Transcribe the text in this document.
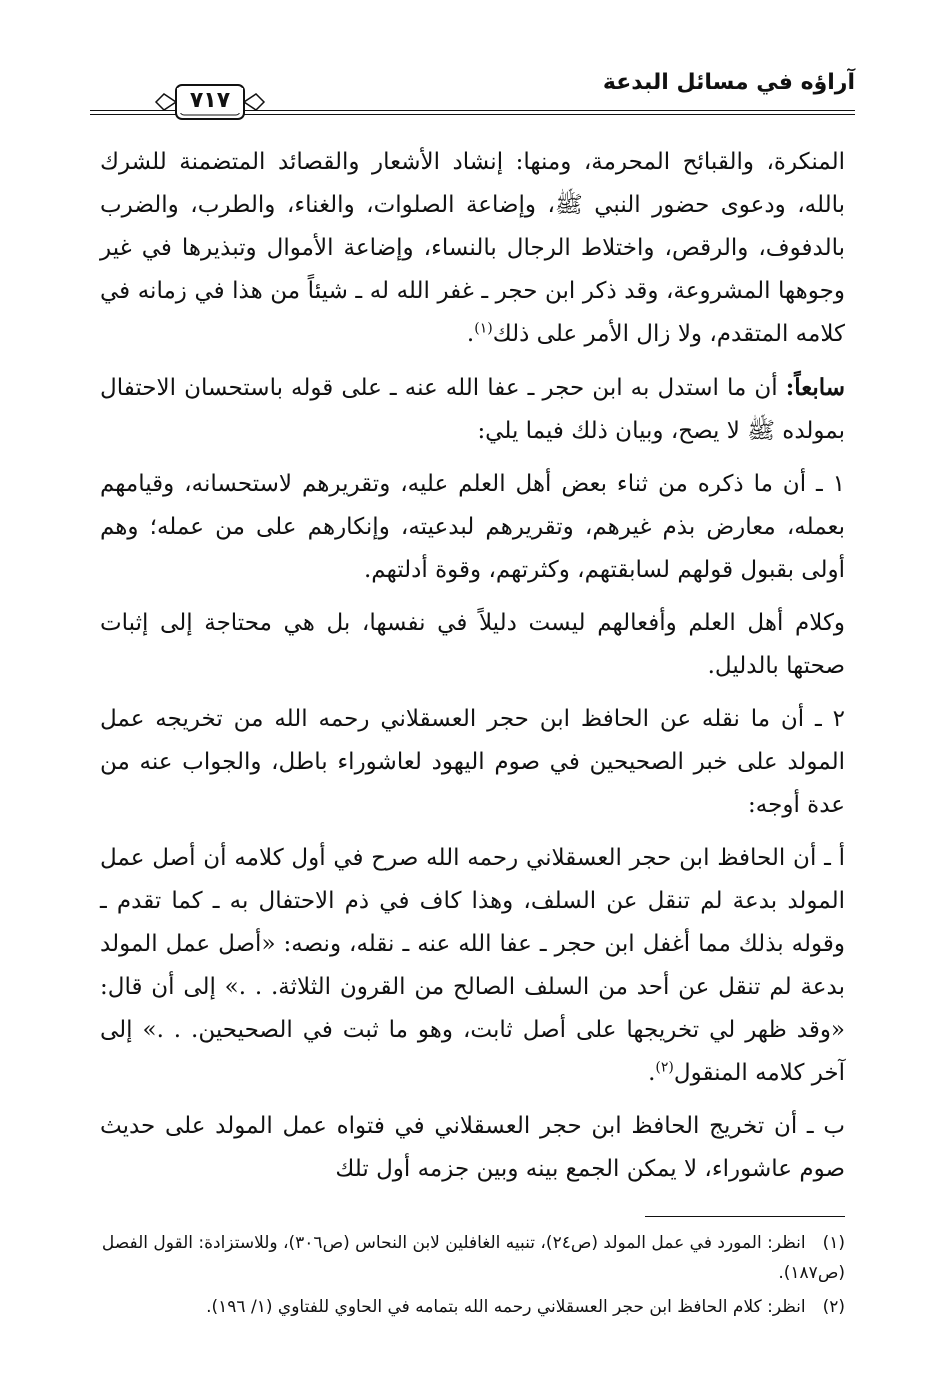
آراؤه في مسائل البدعة
٧١٧

المنكرة، والقبائح المحرمة، ومنها: إنشاد الأشعار والقصائد المتضمنة للشرك بالله، ودعوى حضور النبي ﷺ، وإضاعة الصلوات، والغناء، والطرب، والضرب بالدفوف، والرقص، واختلاط الرجال بالنساء، وإضاعة الأموال وتبذيرها في غير وجوهها المشروعة، وقد ذكر ابن حجر ـ غفر الله له ـ شيئاً من هذا في زمانه في كلامه المتقدم، ولا زال الأمر على ذلك$^{(١)}$.

سابعاً: أن ما استدل به ابن حجر ـ عفا الله عنه ـ على قوله باستحسان الاحتفال بمولده ﷺ لا يصح، وبيان ذلك فيما يلي:

١ ـ أن ما ذكره من ثناء بعض أهل العلم عليه، وتقريرهم لاستحسانه، وقيامهم بعمله، معارض بذم غيرهم، وتقريرهم لبدعيته، وإنكارهم على من عمله؛ وهم أولى بقبول قولهم لسابقتهم، وكثرتهم، وقوة أدلتهم.

وكلام أهل العلم وأفعالهم ليست دليلاً في نفسها، بل هي محتاجة إلى إثبات صحتها بالدليل.

٢ ـ أن ما نقله عن الحافظ ابن حجر العسقلاني رحمه الله من تخريجه عمل المولد على خبر الصحيحين في صوم اليهود لعاشوراء باطل، والجواب عنه من عدة أوجه:

أ ـ أن الحافظ ابن حجر العسقلاني رحمه الله صرح في أول كلامه أن أصل عمل المولد بدعة لم تنقل عن السلف، وهذا كاف في ذم الاحتفال به ـ كما تقدم ـ وقوله بذلك مما أغفل ابن حجر ـ عفا الله عنه ـ نقله، ونصه: «أصل عمل المولد بدعة لم تنقل عن أحد من السلف الصالح من القرون الثلاثة. . .» إلى أن قال: «وقد ظهر لي تخريجها على أصل ثابت، وهو ما ثبت في الصحيحين. . .» إلى آخر كلامه المنقول$^{(٢)}$.

ب ـ أن تخريج الحافظ ابن حجر العسقلاني في فتواه عمل المولد على حديث صوم عاشوراء، لا يمكن الجمع بينه وبين جزمه أول تلك

(١) انظر: المورد في عمل المولد (ص٢٤)، تنبيه الغافلين لابن النحاس (ص٣٠٦)، وللاستزادة: القول الفصل (ص١٨٧).
(٢) انظر: كلام الحافظ ابن حجر العسقلاني رحمه الله بتمامه في الحاوي للفتاوي (١/ ١٩٦).
